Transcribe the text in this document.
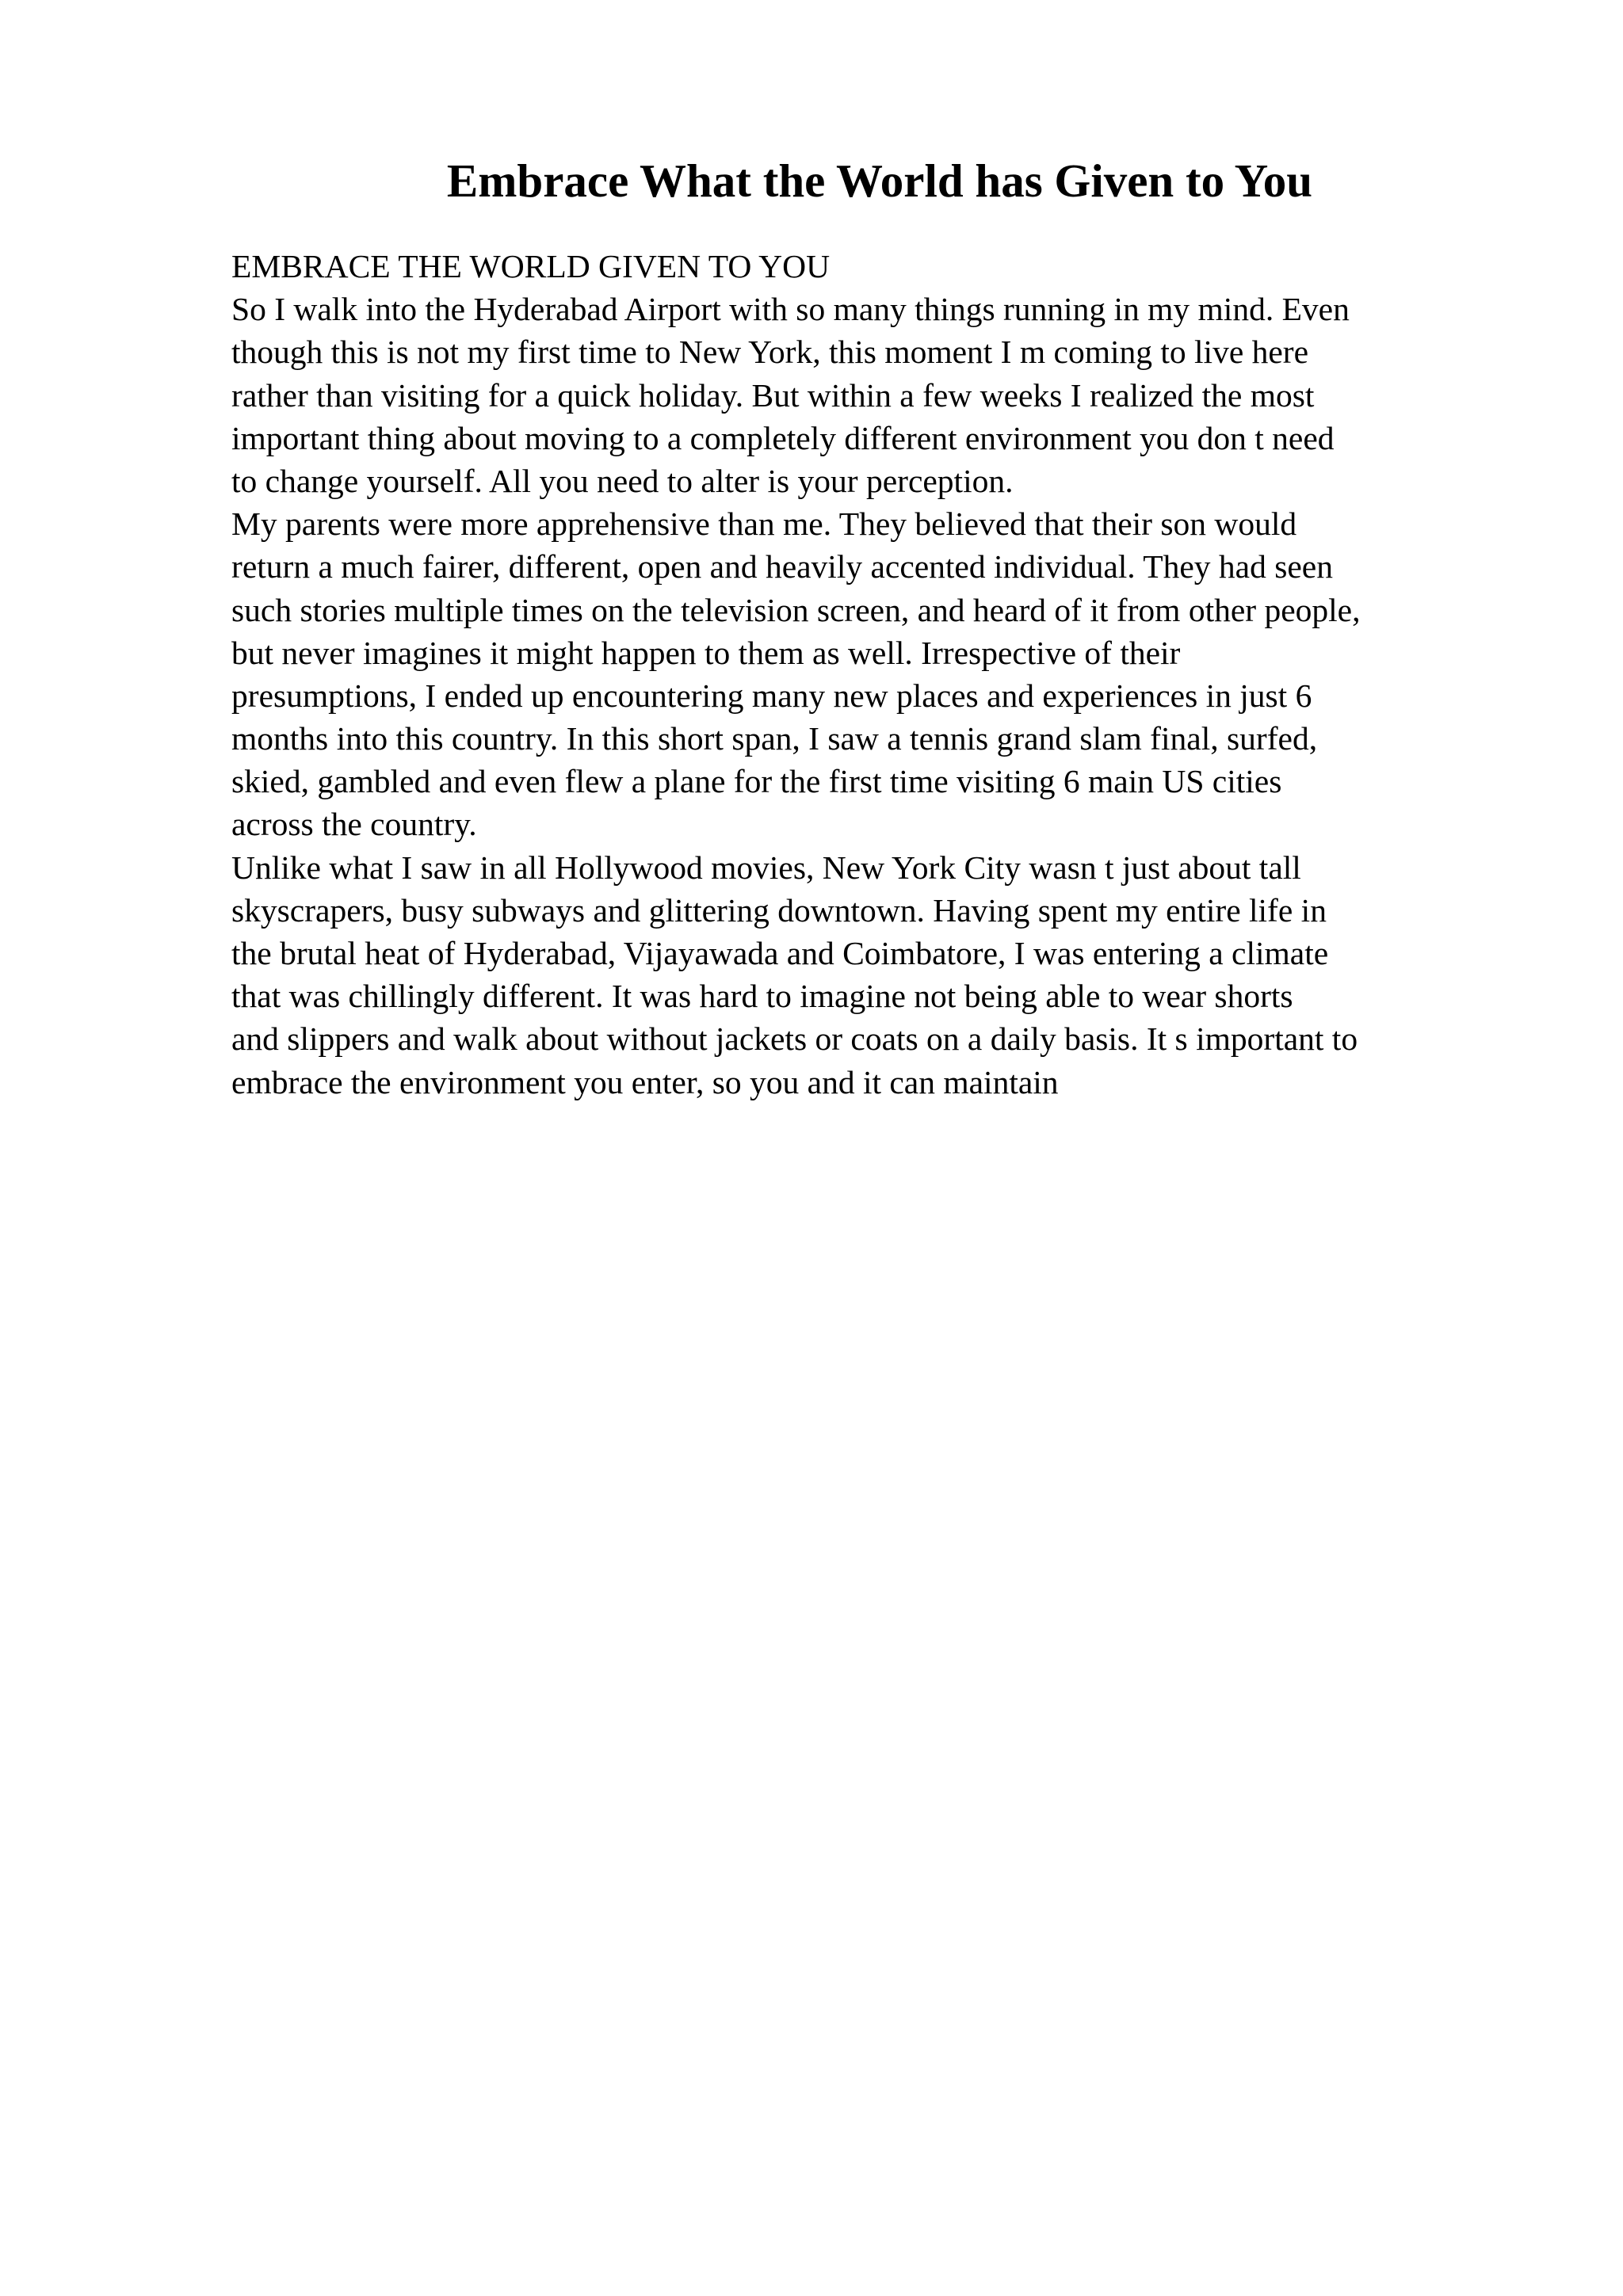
Embrace What the World has Given to You
EMBRACE THE WORLD GIVEN TO YOU
So I walk into the Hyderabad Airport with so many things running in my mind. Even
though this is not my first time to New York, this moment I m coming to live here
rather than visiting for a quick holiday. But within a few weeks I realized the most
important thing about moving to a completely different environment you don t need
to change yourself. All you need to alter is your perception.
My parents were more apprehensive than me. They believed that their son would
return a much fairer, different, open and heavily accented individual. They had seen
such stories multiple times on the television screen, and heard of it from other people,
but never imagines it might happen to them as well. Irrespective of their
presumptions, I ended up encountering many new places and experiences in just 6
months into this country. In this short span, I saw a tennis grand slam final, surfed,
skied, gambled and even flew a plane for the first time visiting 6 main US cities
across the country.
Unlike what I saw in all Hollywood movies, New York City wasn t just about tall
skyscrapers, busy subways and glittering downtown. Having spent my entire life in
the brutal heat of Hyderabad, Vijayawada and Coimbatore, I was entering a climate
that was chillingly different. It was hard to imagine not being able to wear shorts
and slippers and walk about without jackets or coats on a daily basis. It s important to
embrace the environment you enter, so you and it can maintain
